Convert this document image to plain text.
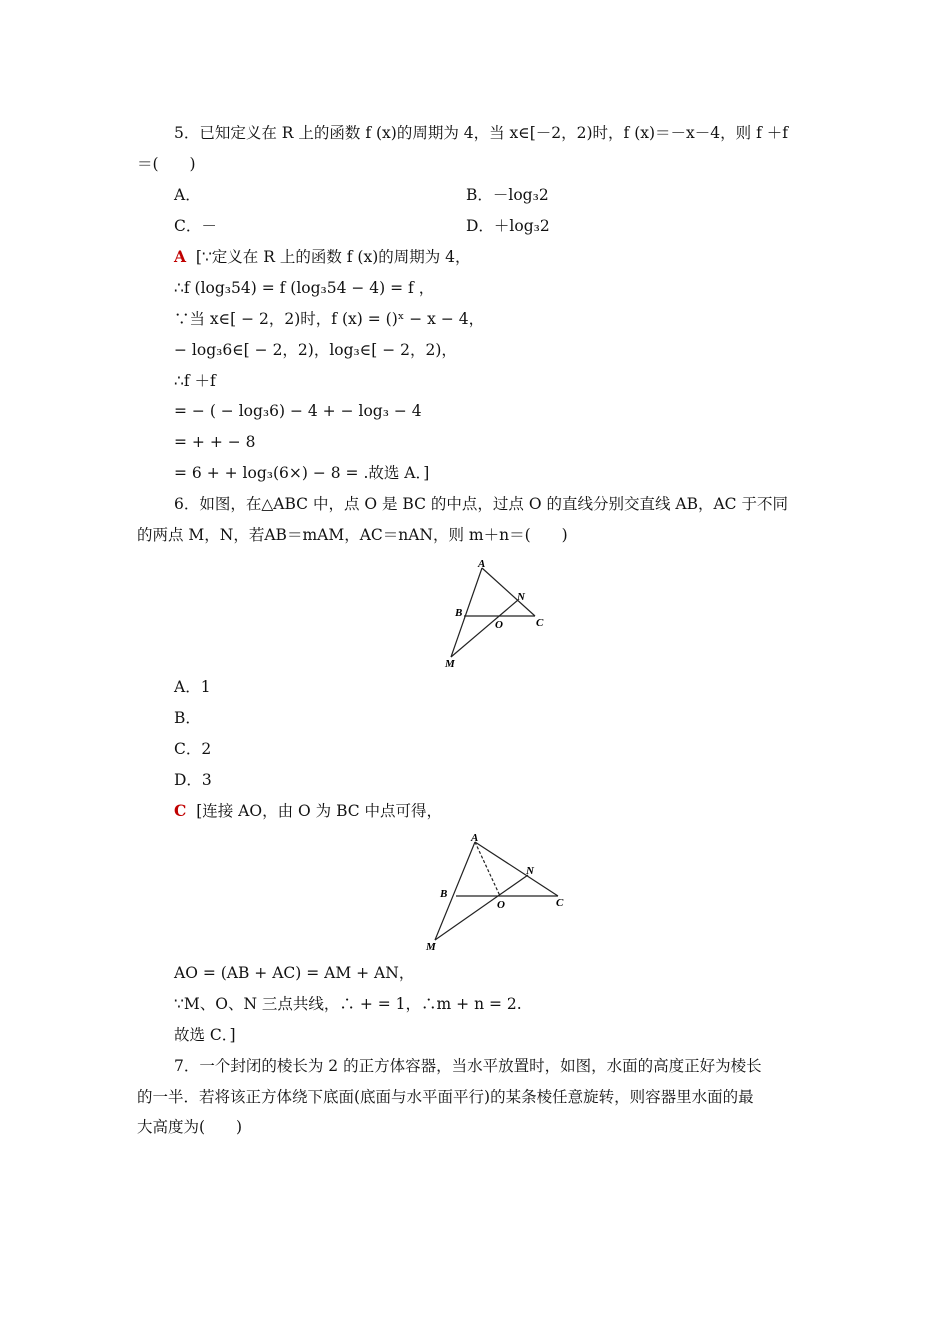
5．已知定义在 R 上的函数 f (x)的周期为 4，当 x∈[－2，2)时，f (x)＝－x－4，则 f ＋f
＝(　　)
A．	B．－log₃2
C．－	D．＋log₃2
A [∵定义在 R 上的函数 f (x)的周期为 4，
∴f (log₃54) = f (log₃54 − 4) = f ，
∵当 x∈[ − 2，2)时，f (x) = ()ˣ − x − 4，
− log₃6∈[ − 2，2)，log₃∈[ − 2，2)，
∴f ＋f
= − ( − log₃6) − 4 + − log₃ − 4
= + + − 8
= 6 + + log₃(6×) − 8 = .故选 A．]
6．如图，在△ABC 中，点 O 是 BC 的中点，过点 O 的直线分别交直线 AB，AC 于不同
的两点 M，N，若AB＝mAM，AC＝nAN，则 m＋n＝(　　)
A
B
C
N
O
M
A．1
B．
C．2
D．3
C [连接 AO，由 O 为 BC 中点可得，
A
B
C
N
O
M
AO = (AB + AC) = AM + AN，
∵M、O、N 三点共线，∴ + = 1，∴m + n = 2.
故选 C．]
7．一个封闭的棱长为 2 的正方体容器，当水平放置时，如图，水面的高度正好为棱长
的一半．若将该正方体绕下底面(底面与水平面平行)的某条棱任意旋转，则容器里水面的最
大高度为(　　)
